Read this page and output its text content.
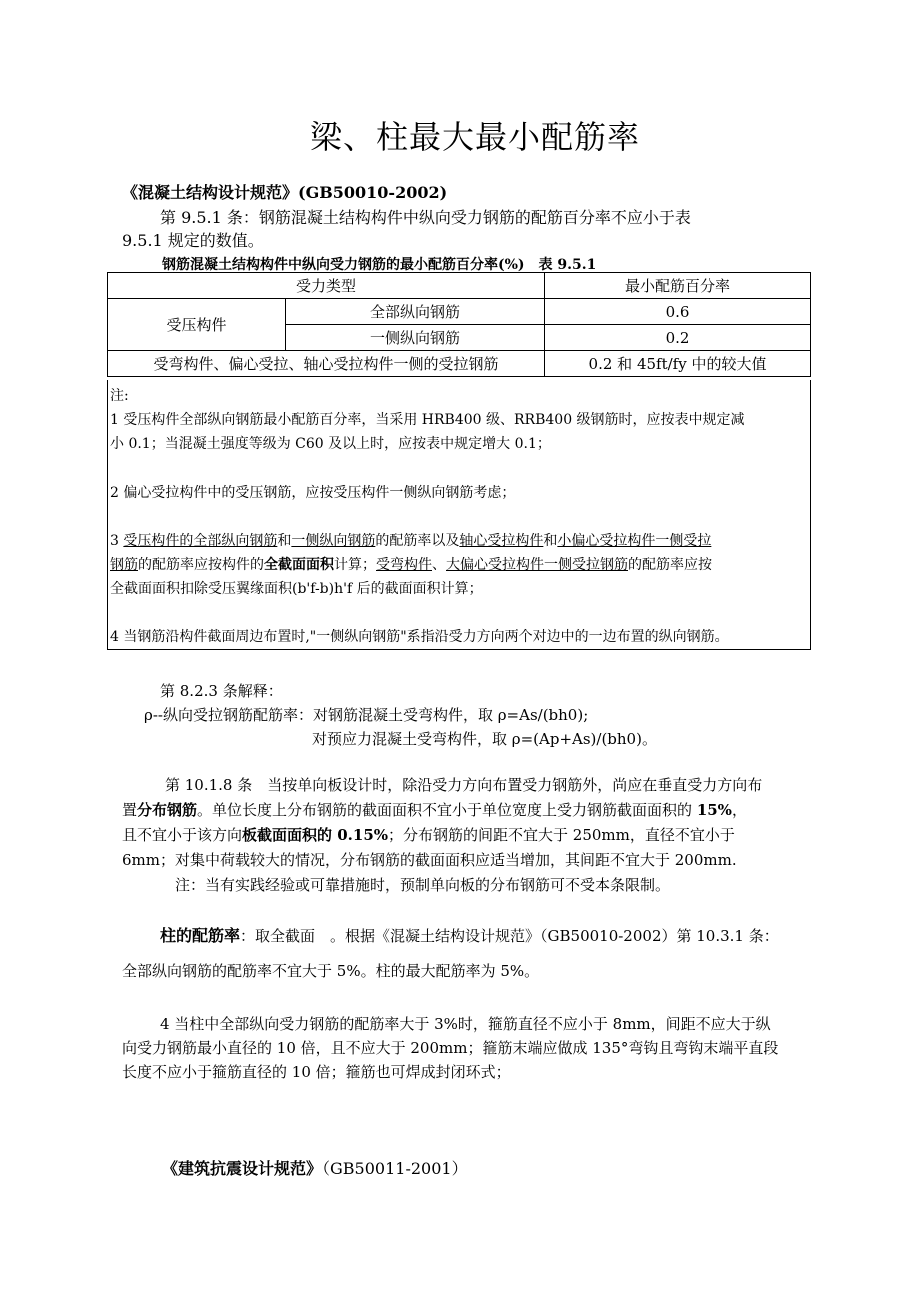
梁、柱最大最小配筋率
《混凝土结构设计规范》(GB50010-2002)
第 9.5.1 条：钢筋混凝土结构构件中纵向受力钢筋的配筋百分率不应小于表
9.5.1 规定的数值。
钢筋混凝土结构构件中纵向受力钢筋的最小配筋百分率(%)　表 9.5.1
受力类型		最小配筋百分率
受压构件	全部纵向钢筋	0.6
	一侧纵向钢筋	0.2
受弯构件、偏心受拉、轴心受拉构件一侧的受拉钢筋		0.2 和 45ft/fy 中的较大值
注:
1 受压构件全部纵向钢筋最小配筋百分率，当采用 HRB400 级、RRB400 级钢筋时，应按表中规定减
小 0.1；当混凝土强度等级为 C60 及以上时，应按表中规定增大 0.1；
2 偏心受拉构件中的受压钢筋，应按受压构件一侧纵向钢筋考虑；
3 受压构件的全部纵向钢筋和一侧纵向钢筋的配筋率以及轴心受拉构件和小偏心受拉构件一侧受拉
钢筋的配筋率应按构件的全截面面积计算；受弯构件、大偏心受拉构件一侧受拉钢筋的配筋率应按
全截面面积扣除受压翼缘面积(b'f-b)h'f 后的截面面积计算；
4 当钢筋沿构件截面周边布置时,"一侧纵向钢筋"系指沿受力方向两个对边中的一边布置的纵向钢筋。
第 8.2.3 条解释：
ρ--纵向受拉钢筋配筋率：对钢筋混凝土受弯构件，取 ρ=As/(bh0);
对预应力混凝土受弯构件，取 ρ=(Ap+As)/(bh0)。
第 10.1.8 条　当按单向板设计时，除沿受力方向布置受力钢筋外，尚应在垂直受力方向布
置分布钢筋。单位长度上分布钢筋的截面面积不宜小于单位宽度上受力钢筋截面面积的 15%，
且不宜小于该方向板截面面积的 0.15%；分布钢筋的间距不宜大于 250mm，直径不宜小于
6mm；对集中荷载较大的情况，分布钢筋的截面面积应适当增加，其间距不宜大于 200mm.
注：当有实践经验或可靠措施时，预制单向板的分布钢筋可不受本条限制。
柱的配筋率：取全截面　。根据《混凝土结构设计规范》（GB50010-2002）第 10.3.1 条：
全部纵向钢筋的配筋率不宜大于 5%。柱的最大配筋率为 5%。
4 当柱中全部纵向受力钢筋的配筋率大于 3%时，箍筋直径不应小于 8mm，间距不应大于纵
向受力钢筋最小直径的 10 倍，且不应大于 200mm；箍筋末端应做成 135°弯钩且弯钩末端平直段
长度不应小于箍筋直径的 10 倍；箍筋也可焊成封闭环式；
《建筑抗震设计规范》（GB50011-2001）
